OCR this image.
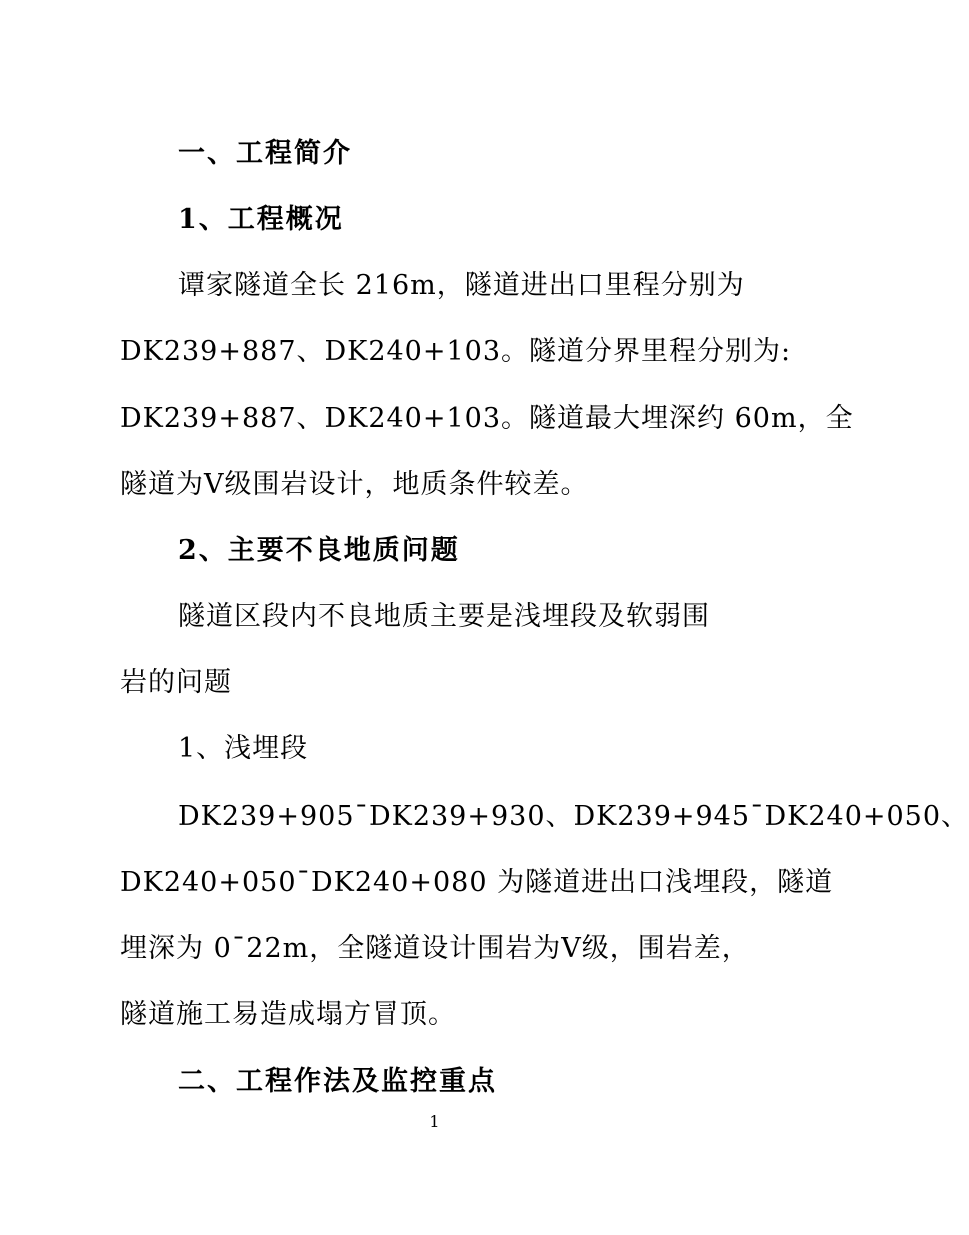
一、工程简介
1、工程概况
谭家隧道全长 216m，隧道进出口里程分别为
DK239+887、DK240+103。隧道分界里程分别为:
DK239+887、DK240+103。隧道最大埋深约 60m，全
隧道为Ⅴ级围岩设计，地质条件较差。
2、主要不良地质问题
隧道区段内不良地质主要是浅埋段及软弱围
岩的问题
1、浅埋段
DK239+905¯DK239+930、DK239+945¯DK240+050、
DK240+050¯DK240+080 为隧道进出口浅埋段，隧道
埋深为 0¯22m，全隧道设计围岩为Ⅴ级，围岩差，
隧道施工易造成塌方冒顶。
二、工程作法及监控重点
1
